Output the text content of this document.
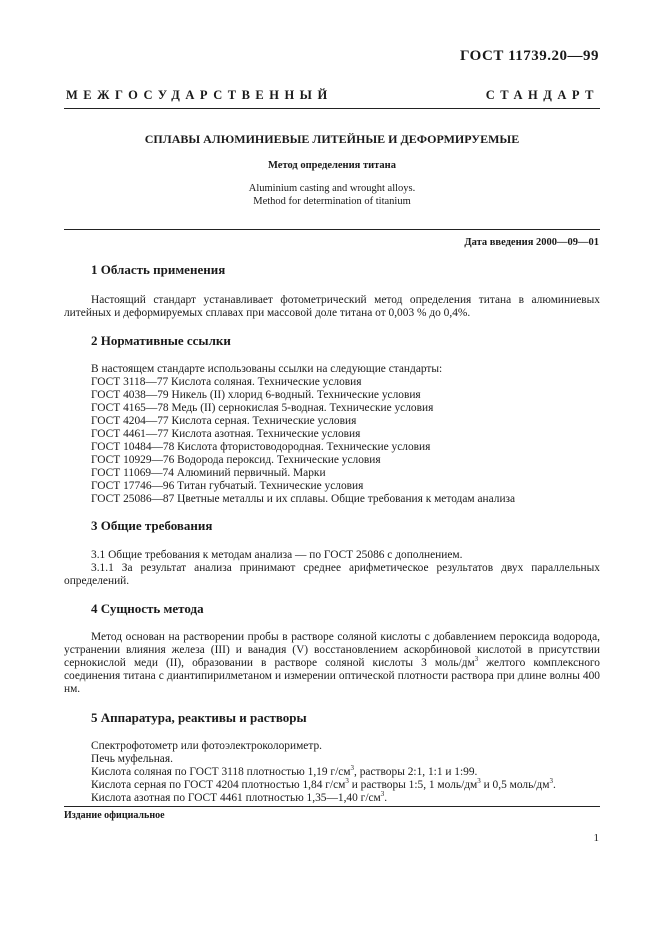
ГОСТ 11739.20—99
МЕЖГОСУДАРСТВЕННЫЙ СТАНДАРТ
СПЛАВЫ АЛЮМИНИЕВЫЕ ЛИТЕЙНЫЕ И ДЕФОРМИРУЕМЫЕ
Метод определения титана
Aluminium casting and wrought alloys.
Method for determination of titanium
Дата введения 2000—09—01
1 Область применения
Настоящий стандарт устанавливает фотометрический метод определения титана в алюминиевых литейных и деформируемых сплавах при массовой доле титана от 0,003 % до 0,4%.
2 Нормативные ссылки
В настоящем стандарте использованы ссылки на следующие стандарты:
ГОСТ 3118—77 Кислота соляная. Технические условия
ГОСТ 4038—79 Никель (II) хлорид 6-водный. Технические условия
ГОСТ 4165—78 Медь (II) сернокислая 5-водная. Технические условия
ГОСТ 4204—77 Кислота серная. Технические условия
ГОСТ 4461—77 Кислота азотная. Технические условия
ГОСТ 10484—78 Кислота фтористоводородная. Технические условия
ГОСТ 10929—76 Водорода пероксид. Технические условия
ГОСТ 11069—74 Алюминий первичный. Марки
ГОСТ 17746—96 Титан губчатый. Технические условия
ГОСТ 25086—87 Цветные металлы и их сплавы. Общие требования к методам анализа
3 Общие требования
3.1 Общие требования к методам анализа — по ГОСТ 25086 с дополнением.
3.1.1 За результат анализа принимают среднее арифметическое результатов двух параллельных определений.
4 Сущность метода
Метод основан на растворении пробы в растворе соляной кислоты с добавлением пероксида водорода, устранении влияния железа (III) и ванадия (V) восстановлением аскорбиновой кислотой в присутствии сернокислой меди (II), образовании в растворе соляной кислоты 3 моль/$дм^3$ желтого комплексного соединения титана с диантипирилметаном и измерении оптической плотности раствора при длине волны 400 нм.
5 Аппаратура, реактивы и растворы
Спектрофотометр или фотоэлектроколориметр.
Печь муфельная.
Кислота соляная по ГОСТ 3118 плотностью 1,19 $г/см^3$, растворы 2:1, 1:1 и 1:99.
Кислота серная по ГОСТ 4204 плотностью 1,84 $г/см^3$ и растворы 1:5, 1 моль/$дм^3$ и 0,5 моль/$дм^3$.
Кислота азотная по ГОСТ 4461 плотностью 1,35—1,40 $г/см^3$.
Издание официальное
1
